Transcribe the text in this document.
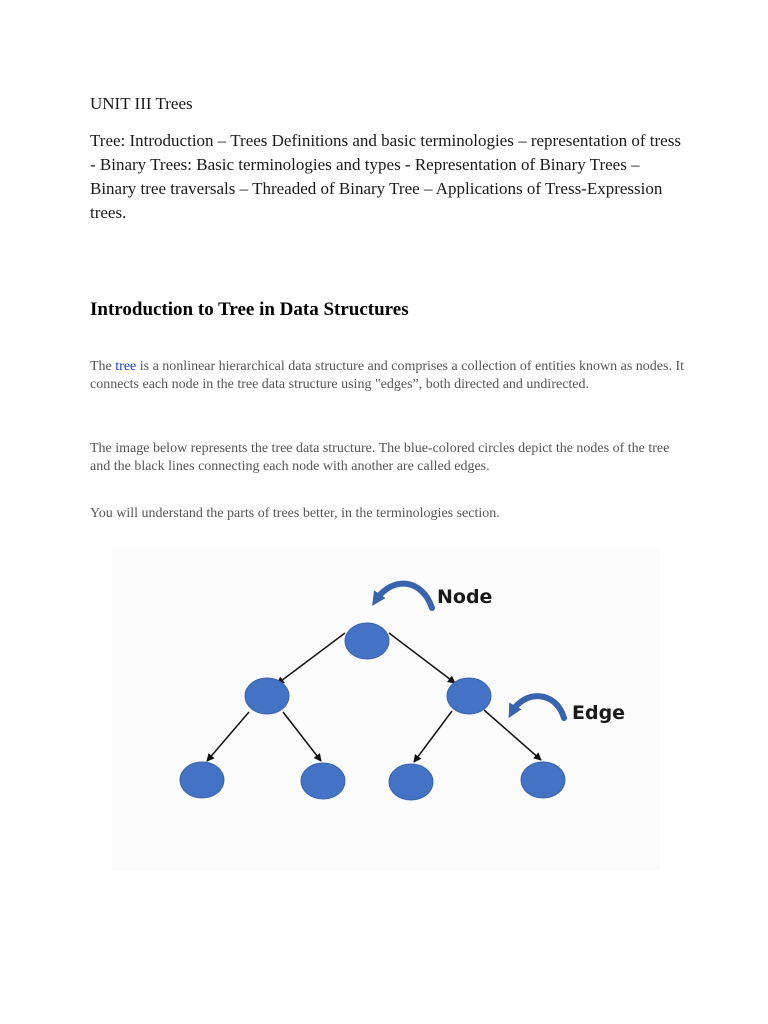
UNIT III Trees
Tree: Introduction – Trees Definitions and basic terminologies – representation of tress - Binary Trees: Basic terminologies and types - Representation of Binary Trees – Binary tree traversals – Threaded of Binary Tree – Applications of Tress-Expression trees.
Introduction to Tree in Data Structures
The tree is a nonlinear hierarchical data structure and comprises a collection of entities known as nodes. It connects each node in the tree data structure using "edges”, both directed and undirected.
The image below represents the tree data structure. The blue-colored circles depict the nodes of the tree and the black lines connecting each node with another are called edges.
You will understand the parts of trees better, in the terminologies section.
Node
Edge
